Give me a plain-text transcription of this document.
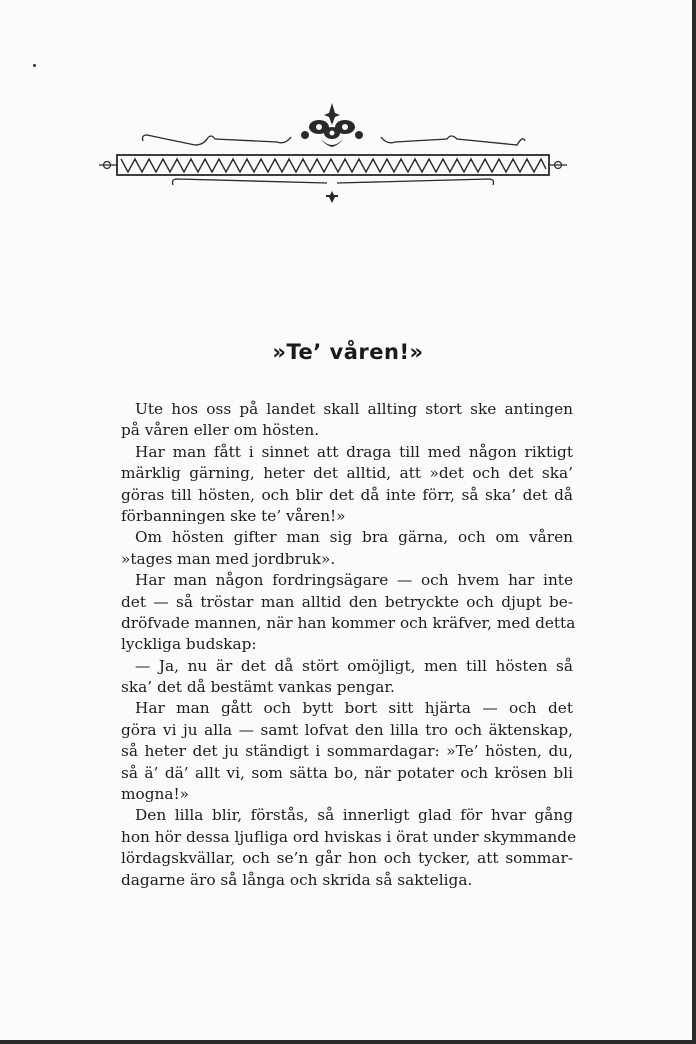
»Te’ våren!»
Ute hos oss på landet skall allting stort ske antingen
på våren eller om hösten.
Har man fått i sinnet att draga till med någon riktigt
märklig gärning, heter det alltid, att »det och det ska’
göras till hösten, och blir det då inte förr, så ska’ det då
förbanningen ske te’ våren!»
Om hösten gifter man sig bra gärna, och om våren
»tages man med jordbruk».
Har man någon fordringsägare — och hvem har inte
det — så tröstar man alltid den betryckte och djupt be-
dröfvade mannen, när han kommer och kräfver, med detta
lyckliga budskap:
— Ja, nu är det då stört omöjligt, men till hösten så
ska’ det då bestämt vankas pengar.
Har man gått och bytt bort sitt hjärta — och det
göra vi ju alla — samt lofvat den lilla tro och äktenskap,
så heter det ju ständigt i sommardagar: »Te’ hösten, du,
så ä’ dä’ allt vi, som sätta bo, när potater och krösen bli
mogna!»
Den lilla blir, förstås, så innerligt glad för hvar gång
hon hör dessa ljufliga ord hviskas i örat under skymmande
lördagskvällar, och se’n går hon och tycker, att sommar-
dagarne äro så långa och skrida så sakteliga.
